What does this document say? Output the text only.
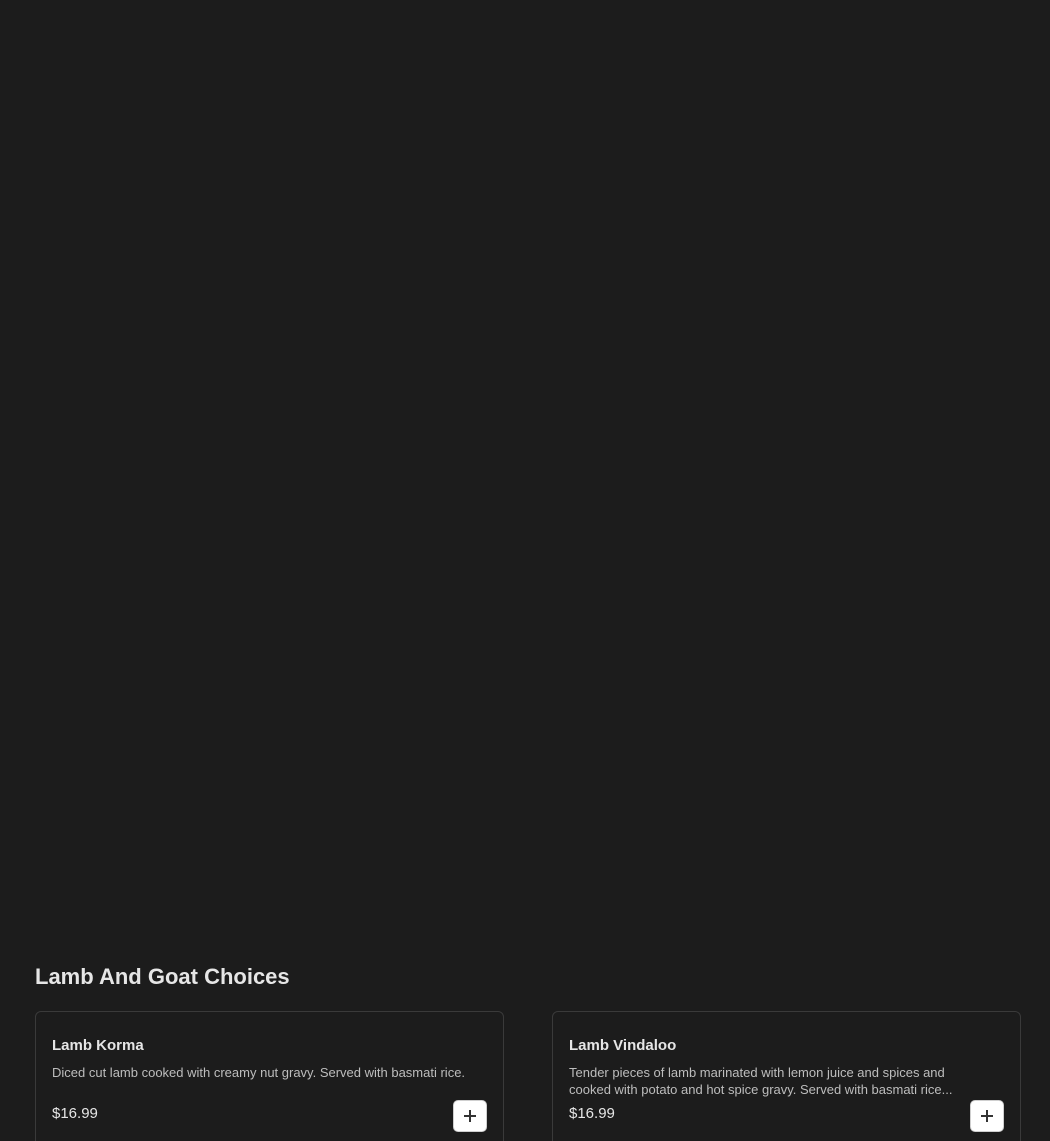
Lamb And Goat Choices
Lamb Korma
Diced cut lamb cooked with creamy nut gravy. Served with basmati rice.
$16.99
Lamb Vindaloo
Tender pieces of lamb marinated with lemon juice and spices and cooked with potato and hot spice gravy. Served with basmati rice...
$16.99
